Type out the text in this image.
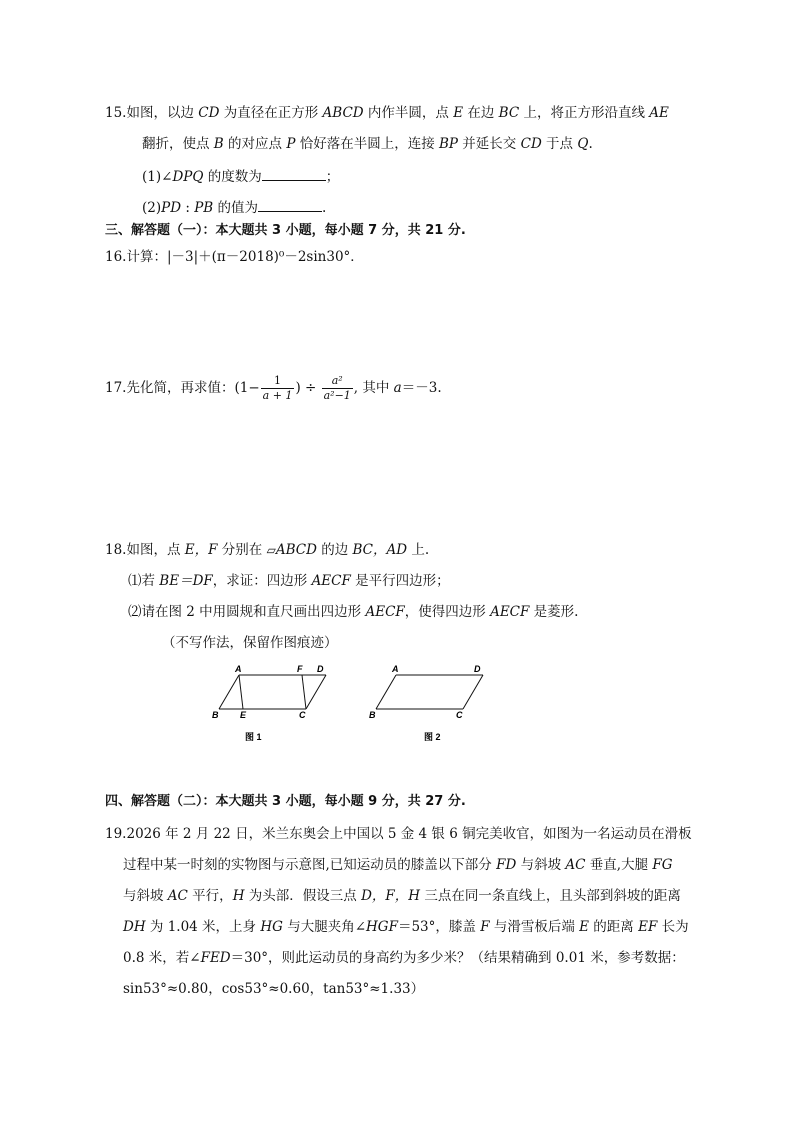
15.如图，以边 CD 为直径在正方形 ABCD 内作半圆，点 E 在边 BC 上，将正方形沿直线 AE
翻折，使点 B 的对应点 P 恰好落在半圆上，连接 BP 并延长交 CD 于点 Q.
(1)∠DPQ 的度数为	；
(2)PD : PB 的值为	.
三、解答题（一）：本大题共 3 小题，每小题 7 分，共 21 分.
16.计算：|－3|＋(π－2018)⁰－2sin30°．
17.先化简，再求值：($1- \frac{1}{a + 1}$ ) ÷ $\frac{\text{a²}}{\text{a²−1}}$ , 其中 a＝－3.
18.如图，点 E，F 分别在 ▱ABCD 的边 BC，AD 上.
⑴若 BE＝DF，求证：四边形 AECF 是平行四边形；
⑵请在图 2 中用圆规和直尺画出四边形 AECF，使得四边形 AECF 是菱形.
（不写作法，保留作图痕迹）
A	F D
B E	C
图 1
A	D
B	C
图 2
四、解答题（二）：本大题共 3 小题，每小题 9 分，共 27 分.
19.2026 年 2 月 22 日，米兰东奥会上中国以 5 金 4 银 6 铜完美收官，如图为一名运动员在滑板
过程中某一时刻的实物图与示意图,已知运动员的膝盖以下部分 FD 与斜坡 AC 垂直,大腿 FG
与斜坡 AC 平行，H 为头部．假设三点 D，F，H 三点在同一条直线上，且头部到斜坡的距离
DH 为 1.04 米，上身 HG 与大腿夹角∠HGF＝53°，膝盖 F 与滑雪板后端 E 的距离 EF 长为
0.8 米，若∠FED＝30°，则此运动员的身高约为多少米？（结果精确到 0.01 米，参考数据：
sin53°≈0.80，cos53°≈0.60，tan53°≈1.33）
